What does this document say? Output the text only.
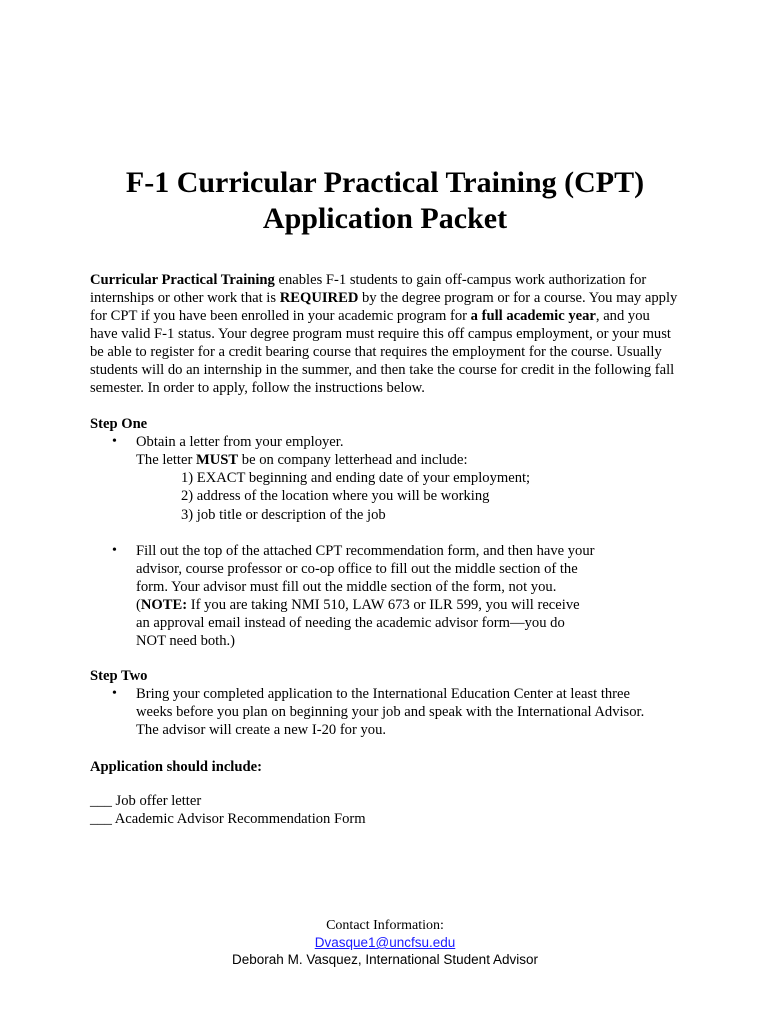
F-1 Curricular Practical Training (CPT)
Application Packet

Curricular Practical Training enables F-1 students to gain off-campus work authorization for internships or other work that is REQUIRED by the degree program or for a course. You may apply for CPT if you have been enrolled in your academic program for a full academic year, and you have valid F-1 status. Your degree program must require this off campus employment, or your must be able to register for a credit bearing course that requires the employment for the course. Usually students will do an internship in the summer, and then take the course for credit in the following fall semester. In order to apply, follow the instructions below.

Step One
• Obtain a letter from your employer.
The letter MUST be on company letterhead and include:
1) EXACT beginning and ending date of your employment;
2) address of the location where you will be working
3) job title or description of the job
• Fill out the top of the attached CPT recommendation form, and then have your
advisor, course professor or co-op office to fill out the middle section of the
form. Your advisor must fill out the middle section of the form, not you.
(NOTE: If you are taking NMI 510, LAW 673 or ILR 599, you will receive
an approval email instead of needing the academic advisor form—you do
NOT need both.)
Step Two
• Bring your completed application to the International Education Center at least three
weeks before you plan on beginning your job and speak with the International Advisor.
The advisor will create a new I-20 for you.
Application should include:
___ Job offer letter
___ Academic Advisor Recommendation Form
Contact Information:
Dvasque1@uncfsu.edu
Deborah M. Vasquez, International Student Advisor
